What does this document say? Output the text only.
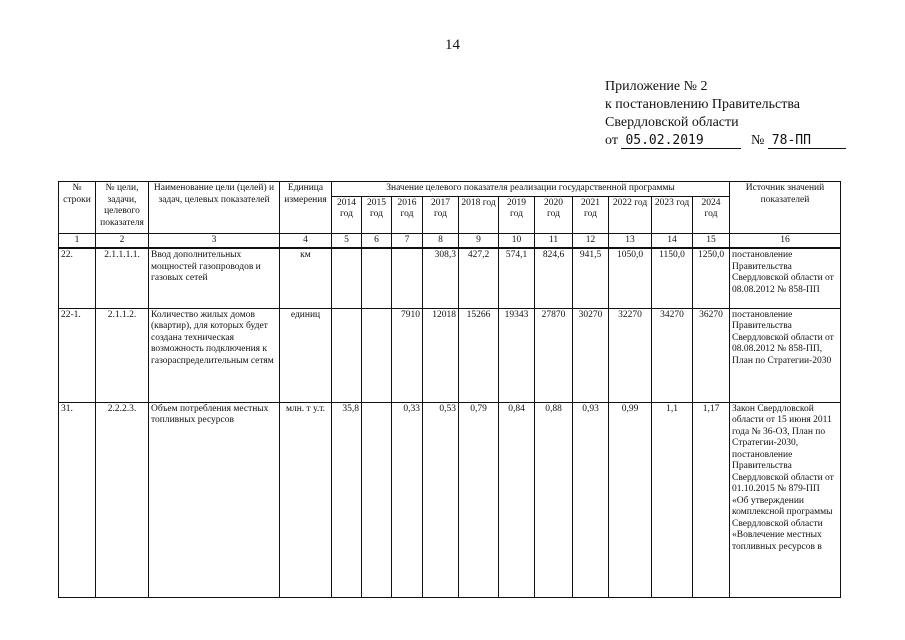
14
Приложение № 2
к постановлению Правительства
Свердловской области
от 05.02.2019	№ 78-ПП
№ строки	№ цели, задачи, целевого показателя	Наименование цели (целей) и задач, целевых показателей	Единица измерения	Значение целевого показателя реализации государственной программы											Источник значений показателей
				2014 год	2015 год	2016 год	2017 год	2018 год	2019 год	2020 год	2021 год	2022 год	2023 год	2024 год	
1	2	3	4	5	6	7	8	9	10	11	12	13	14	15	16
22.	2.1.1.1.1.	Ввод дополнительных мощностей газопроводов и газовых сетей	км				308,3	427,2	574,1	824,6	941,5	1050,0	1150,0	1250,0	постановление Правительства Свердловской области от 08.08.2012 № 858-ПП
22-1.	2.1.1.2.	Количество жилых домов (квартир), для которых будет создана техническая возможность подключения к газораспределительным сетям	единиц			7910	12018	15266	19343	27870	30270	32270	34270	36270	постановление Правительства Свердловской области от 08.08.2012 № 858-ПП, План по Стратегии-2030
31.	2.2.2.3.	Объем потребления местных топливных ресурсов	млн. т у.т.	35,8		0,33	0,53	0,79	0,84	0,88	0,93	0,99	1,1	1,17	Закон Свердловской области от 15 июня 2011 года № 36-ОЗ, План по Стратегии-2030, постановление Правительства Свердловской области от 01.10.2015 № 879-ПП «Об утверждении комплексной программы Свердловской области «Вовлечение местных топливных ресурсов в
